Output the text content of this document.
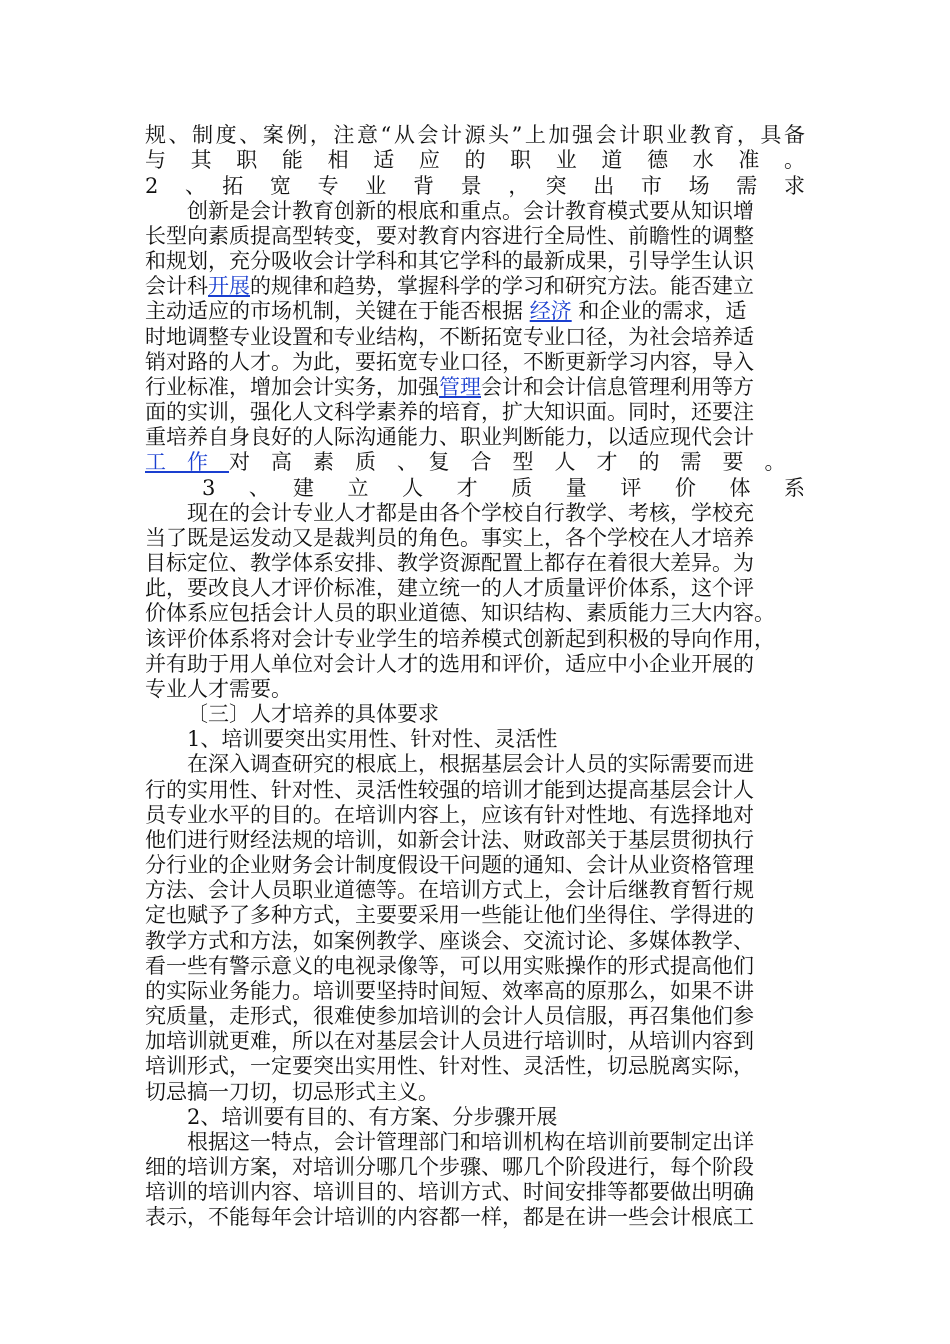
规、制度、案例，注意“从会计源头”上加强会计职业教育，具备
与　其　职　能　相　适　应　的　职　业　道　德　水　准　。
2　、　拓　宽　专　业　背　景　，　突　出　市　场　需　求
创新是会计教育创新的根底和重点。会计教育模式要从知识增
长型向素质提高型转变，要对教育内容进行全局性、前瞻性的调整
和规划，充分吸收会计学科和其它学科的最新成果，引导学生认识
会计科开展的规律和趋势，掌握科学的学习和研究方法。能否建立
主动适应的市场机制，关键在于能否根据 经济 和企业的需求，适
时地调整专业设置和专业结构，不断拓宽专业口径，为社会培养适
销对路的人才。为此，要拓宽专业口径，不断更新学习内容，导入
行业标准，增加会计实务，加强管理会计和会计信息管理利用等方
面的实训，强化人文科学素养的培育，扩大知识面。同时，还要注
重培养自身良好的人际沟通能力、职业判断能力，以适应现代会计
工　作　对　高　素　质　、　复　合　型　人　才　的　需　要　。
3　、　建　立　人　才　质　量　评　价　体　系
现在的会计专业人才都是由各个学校自行教学、考核，学校充
当了既是运发动又是裁判员的角色。事实上，各个学校在人才培养
目标定位、教学体系安排、教学资源配置上都存在着很大差异。为
此，要改良人才评价标准，建立统一的人才质量评价体系，这个评
价体系应包括会计人员的职业道德、知识结构、素质能力三大内容。
该评价体系将对会计专业学生的培养模式创新起到积极的导向作用，
并有助于用人单位对会计人才的选用和评价，适应中小企业开展的
专业人才需要。
〔三〕人才培养的具体要求
1、培训要突出实用性、针对性、灵活性
在深入调查研究的根底上，根据基层会计人员的实际需要而进
行的实用性、针对性、灵活性较强的培训才能到达提高基层会计人
员专业水平的目的。在培训内容上，应该有针对性地、有选择地对
他们进行财经法规的培训，如新会计法、财政部关于基层贯彻执行
分行业的企业财务会计制度假设干问题的通知、会计从业资格管理
方法、会计人员职业道德等。在培训方式上，会计后继教育暂行规
定也赋予了多种方式，主要要采用一些能让他们坐得住、学得进的
教学方式和方法，如案例教学、座谈会、交流讨论、多媒体教学、
看一些有警示意义的电视录像等，可以用实账操作的形式提高他们
的实际业务能力。培训要坚持时间短、效率高的原那么，如果不讲
究质量，走形式，很难使参加培训的会计人员信服，再召集他们参
加培训就更难，所以在对基层会计人员进行培训时，从培训内容到
培训形式，一定要突出实用性、针对性、灵活性，切忌脱离实际，
切忌搞一刀切，切忌形式主义。
2、培训要有目的、有方案、分步骤开展
根据这一特点，会计管理部门和培训机构在培训前要制定出详
细的培训方案，对培训分哪几个步骤、哪几个阶段进行，每个阶段
培训的培训内容、培训目的、培训方式、时间安排等都要做出明确
表示，不能每年会计培训的内容都一样，都是在讲一些会计根底工
